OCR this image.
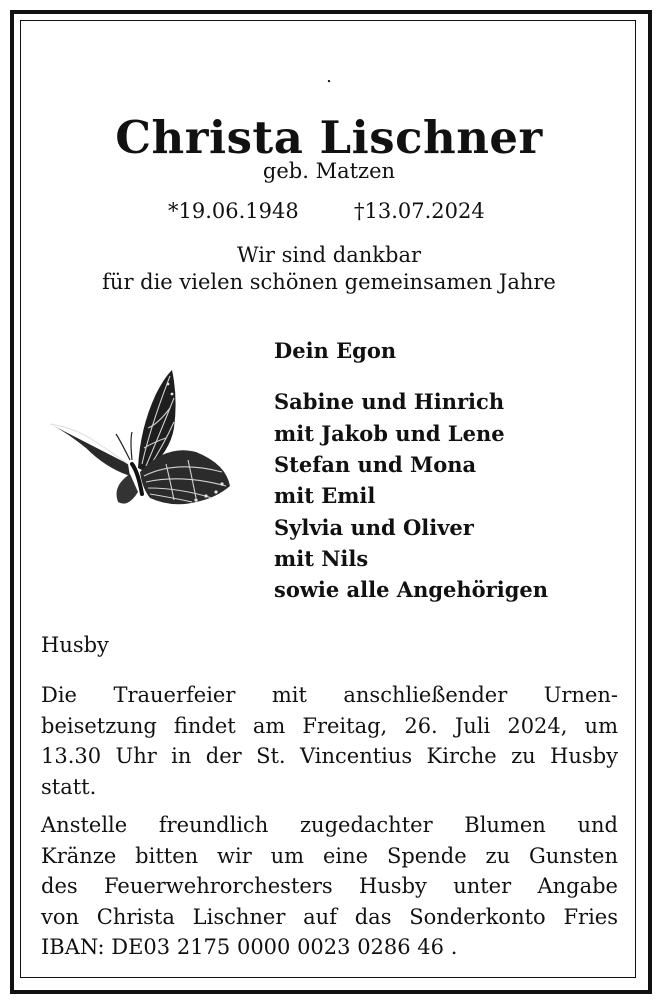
.
Christa Lischner
geb. Matzen
*19.06.1948	†13.07.2024
Wir sind dankbar
für die vielen schönen gemeinsamen Jahre
Dein Egon
Sabine und Hinrich
mit Jakob und Lene
Stefan und Mona
mit Emil
Sylvia und Oliver
mit Nils
sowie alle Angehörigen
Husby
Die Trauerfeier mit anschließender Urnen-
beisetzung findet am Freitag, 26. Juli 2024, um
13.30 Uhr in der St. Vincentius Kirche zu Husby
statt.
Anstelle freundlich zugedachter Blumen und
Kränze bitten wir um eine Spende zu Gunsten
des Feuerwehrorchesters Husby unter Angabe
von Christa Lischner auf das Sonderkonto Fries
IBAN: DE03 2175 0000 0023 0286 46 .
